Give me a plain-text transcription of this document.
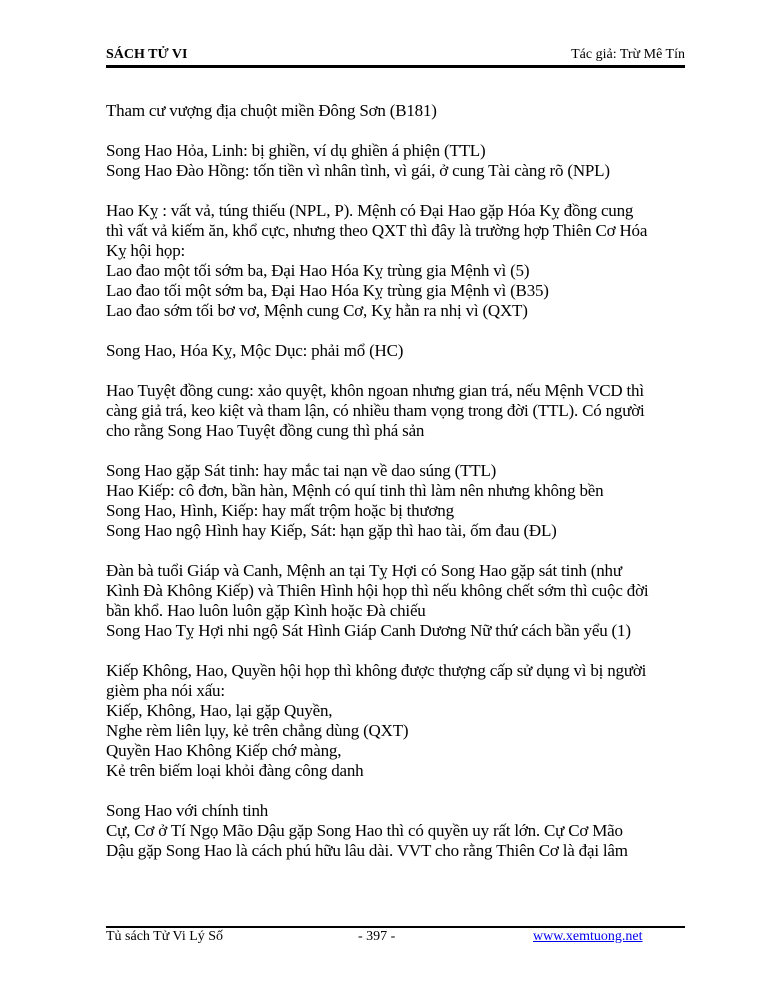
SÁCH TỬ VI	Tác giả: Trừ Mê Tín
Tham cư vượng địa chuột miền Đông Sơn (B181)
Song Hao Hỏa, Linh: bị ghiền, ví dụ ghiền á phiện (TTL)
Song Hao Đào Hồng: tốn tiền vì nhân tình, vì gái, ở cung Tài càng rõ (NPL)
Hao Kỵ : vất vả, túng thiếu (NPL, P). Mệnh có Đại Hao gặp Hóa Kỵ đồng cung
thì vất vả kiếm ăn, khổ cực, nhưng theo QXT thì đây là trường hợp Thiên Cơ Hóa
Kỵ hội họp:
Lao đao một tối sớm ba, Đại Hao Hóa Kỵ trùng gia Mệnh vì (5)
Lao đao tối một sớm ba, Đại Hao Hóa Kỵ trùng gia Mệnh vì (B35)
Lao đao sớm tối bơ vơ, Mệnh cung Cơ, Kỵ hằn ra nhị vì (QXT)
Song Hao, Hóa Kỵ, Mộc Dục: phải mổ (HC)
Hao Tuyệt đồng cung: xảo quyệt, khôn ngoan nhưng gian trá, nếu Mệnh VCD thì
càng giả trá, keo kiệt và tham lận, có nhiều tham vọng trong đời (TTL). Có người
cho rằng Song Hao Tuyệt đồng cung thì phá sản
Song Hao gặp Sát tinh: hay mắc tai nạn về dao súng (TTL)
Hao Kiếp: cô đơn, bần hàn, Mệnh có quí tinh thì làm nên nhưng không bền
Song Hao, Hình, Kiếp: hay mất trộm hoặc bị thương
Song Hao ngộ Hình hay Kiếp, Sát: hạn gặp thì hao tài, ốm đau (ĐL)
Đàn bà tuổi Giáp và Canh, Mệnh an tại Tỵ Hợi có Song Hao gặp sát tinh (như
Kình Đà Không Kiếp) và Thiên Hình hội họp thì nếu không chết sớm thì cuộc đời
bần khổ. Hao luôn luôn gặp Kình hoặc Đà chiếu
Song Hao Tỵ Hợi nhi ngộ Sát Hình Giáp Canh Dương Nữ thứ cách bần yểu (1)
Kiếp Không, Hao, Quyền hội họp thì không được thượng cấp sử dụng vì bị người
gièm pha nói xấu:
Kiếp, Không, Hao, lại gặp Quyền,
Nghe rèm liên lụy, kẻ trên chẳng dùng (QXT)
Quyền Hao Không Kiếp chớ màng,
Kẻ trên biếm loại khỏi đàng công danh
Song Hao với chính tinh
Cự, Cơ ở Tí Ngọ Mão Dậu gặp Song Hao thì có quyền uy rất lớn. Cự Cơ Mão
Dậu gặp Song Hao là cách phú hữu lâu dài. VVT cho rằng Thiên Cơ là đại lâm
Tủ sách Tử Vi Lý Số	- 397 -	www.xemtuong.net
